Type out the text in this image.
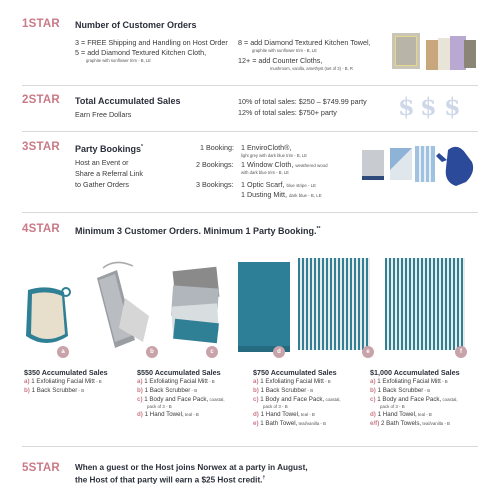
1STAR Number of Customer Orders
3 = FREE Shipping and Handling on Host Order
5 = add Diamond Textured Kitchen Cloth,
graphite with sunflower trim - B, LE
8 = add Diamond Textured Kitchen Towel,
graphite with sunflower trim - B, LE
12+ = add Counter Cloths,
mushroom, vanilla, amethyst (set of 3) - B, R
2STAR Total Accumulated Sales
Earn Free Dollars
10% of total sales: $250 – $749.99 party
12% of total sales: $750+ party	$ $ $
3STAR Party Bookings*
Host an Event or
Share a Referral Link
to Gather Orders
1 Booking: 1 EnviroCloth®,
light grey with dark blue trim - B, LE
2 Bookings: 1 Window Cloth, weathered wood
with dark blue trim - B, LE
3 Bookings: 1 Optic Scarf, blue stripe - LE
1 Dusting Mitt, dark blue - B, LE
4STAR Minimum 3 Customer Orders. Minimum 1 Party Booking.**
a	b	c	d	e	f
$350 Accumulated Sales
a) 1 Exfoliating Facial Mitt - B
b) 1 Back Scrubber - B
$550 Accumulated Sales
a) 1 Exfoliating Facial Mitt - B
b) 1 Back Scrubber - B
c) 1 Body and Face Pack, coastal,
pack of 3 - B
d) 1 Hand Towel, teal - B
$750 Accumulated Sales
a) 1 Exfoliating Facial Mitt - B
b) 1 Back Scrubber - B
c) 1 Body and Face Pack, coastal,
pack of 3 - B
d) 1 Hand Towel, teal - B
e) 1 Bath Towel, teal/vanilla - B
$1,000 Accumulated Sales
a) 1 Exfoliating Facial Mitt - B
b) 1 Back Scrubber - B
c) 1 Body and Face Pack, coastal,
pack of 3 - B
d) 1 Hand Towel, teal - B
e/f) 2 Bath Towels, teal/vanilla - B
5STAR When a guest or the Host joins Norwex at a party in August,
the Host of that party will earn a $25 Host credit.†
